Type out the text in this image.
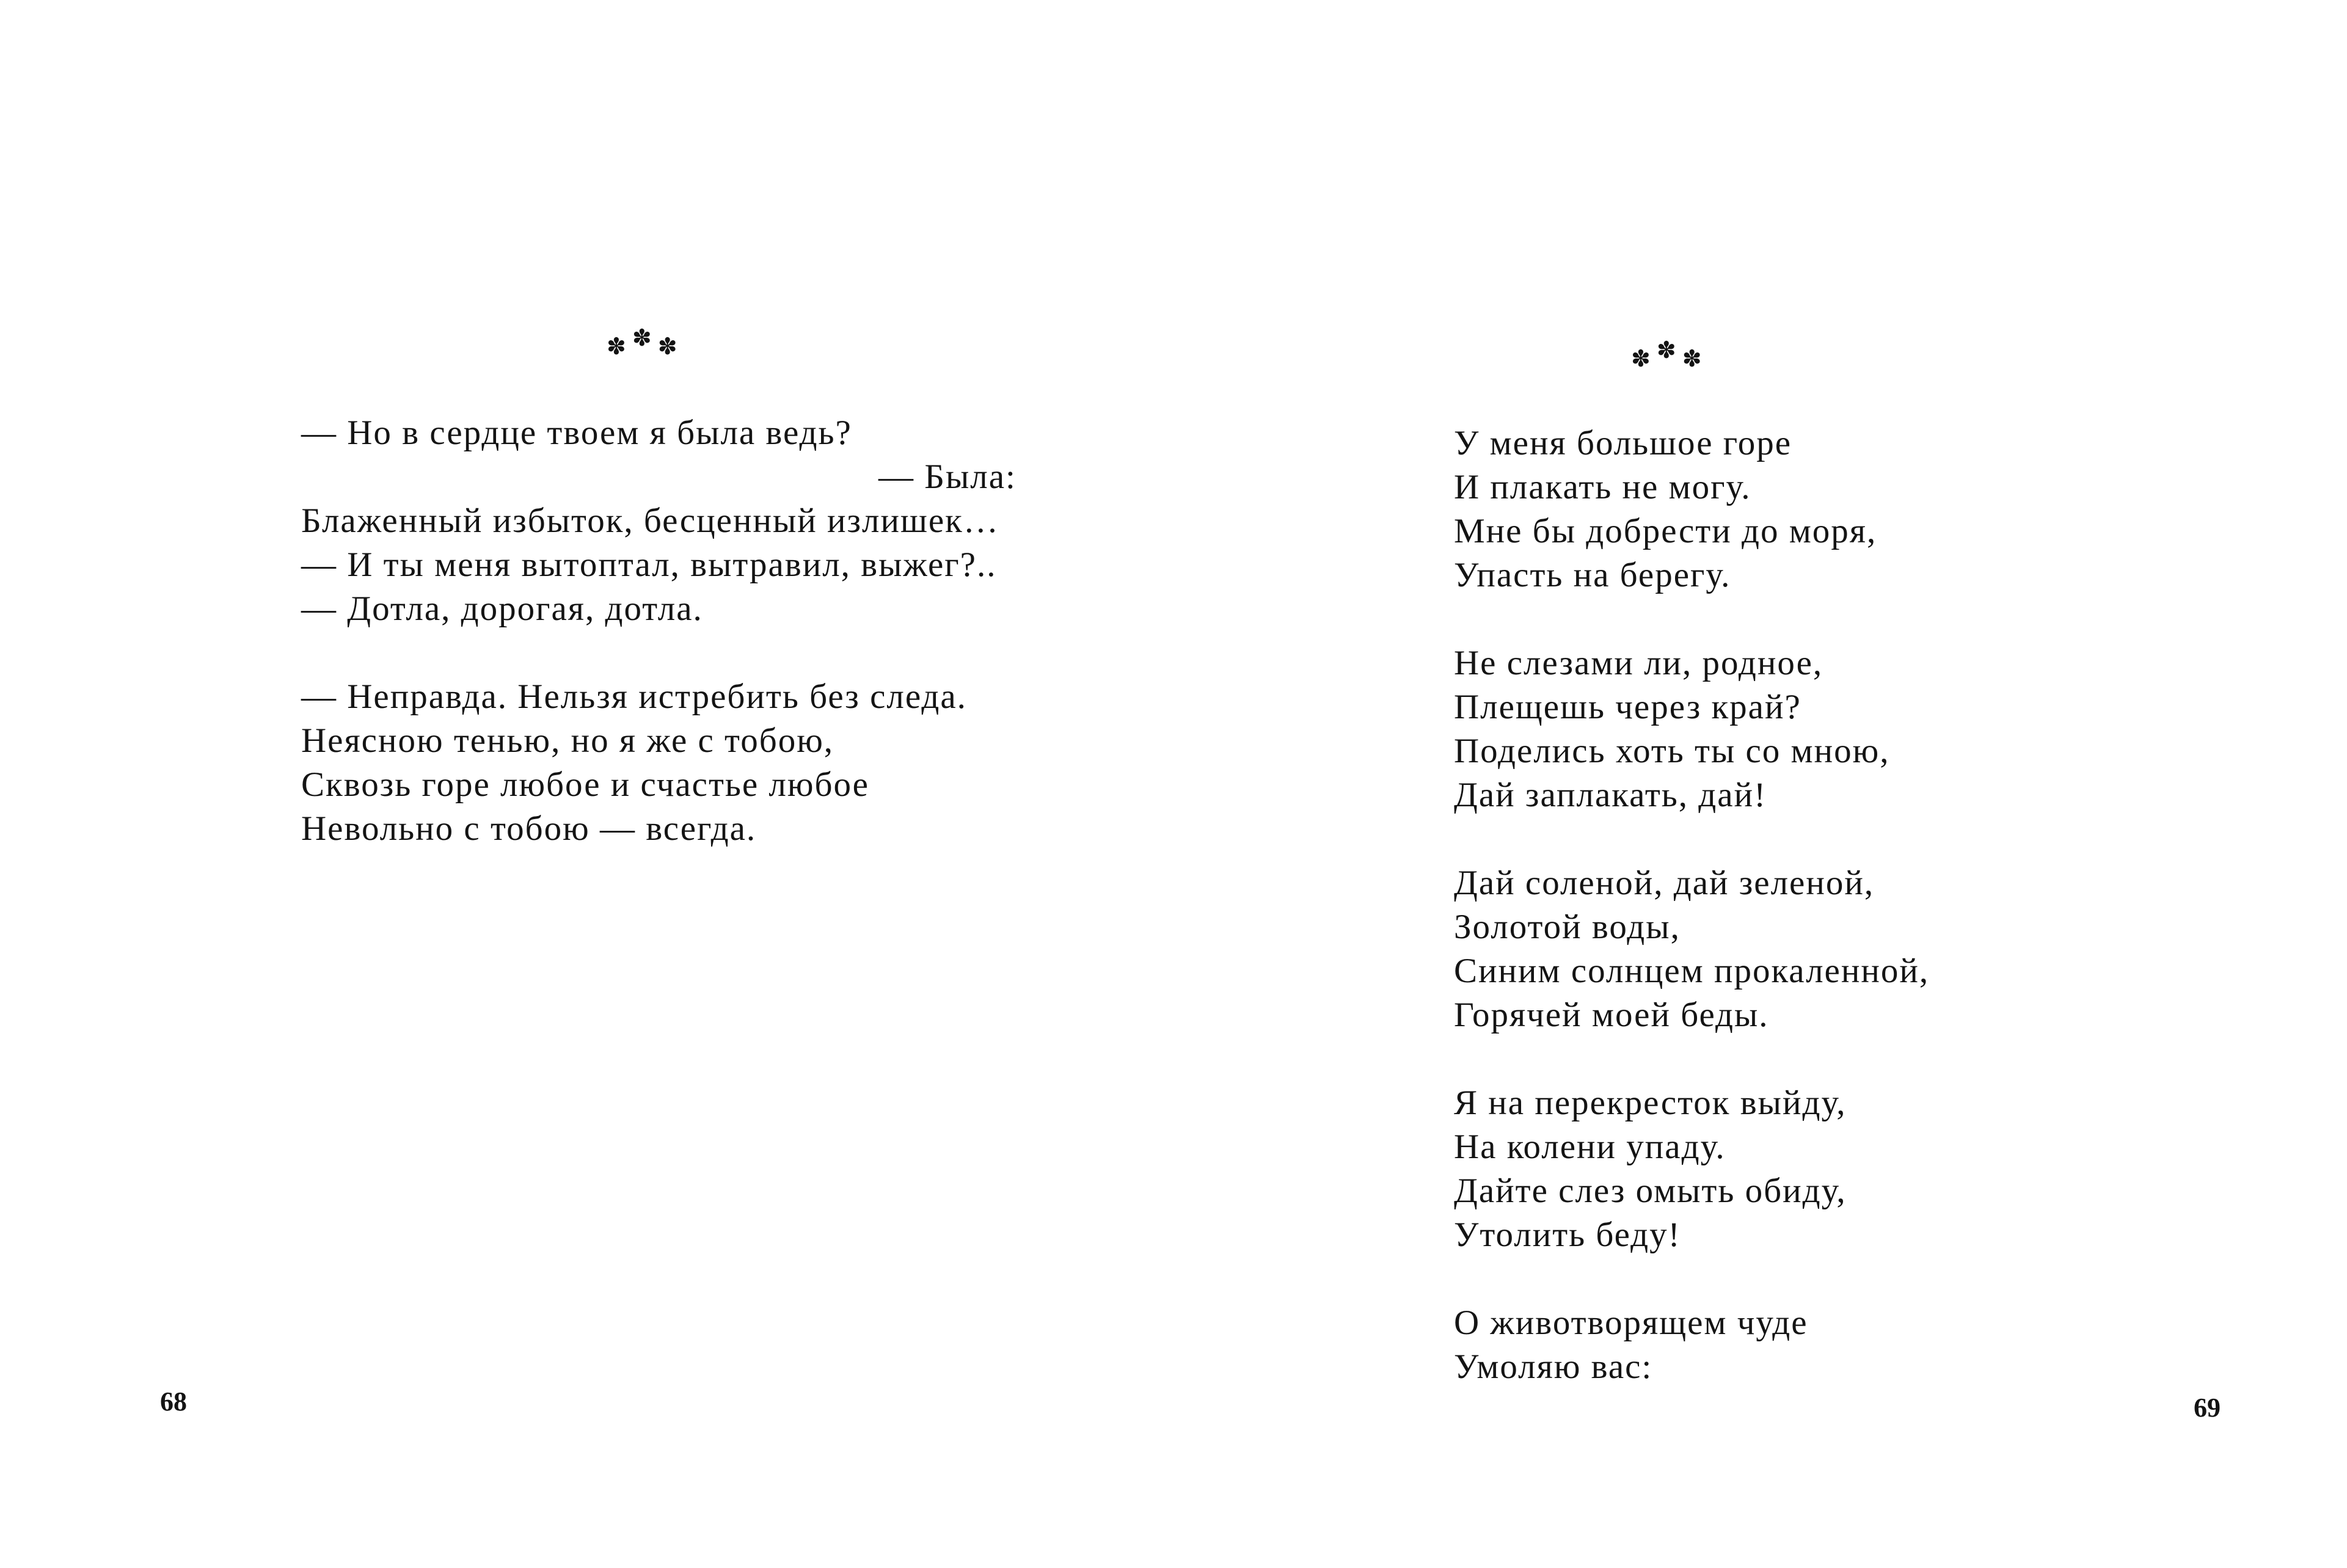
✽ ✽ ✽
— Но в сердце твоем я была ведь?
— Была:
Блаженный избыток, бесценный излишек…
— И ты меня вытоптал, вытравил, выжег?..
— Дотла, дорогая, дотла.
— Неправда. Нельзя истребить без следа.
Неясною тенью, но я же с тобою,
Сквозь горе любое и счастье любое
Невольно с тобою — всегда.
68
✽ ✽ ✽
У меня большое горе
И плакать не могу.
Мне бы добрести до моря,
Упасть на берегу.
Не слезами ли, родное,
Плещешь через край?
Поделись хоть ты со мною,
Дай заплакать, дай!
Дай соленой, дай зеленой,
Золотой воды,
Синим солнцем прокаленной,
Горячей моей беды.
Я на перекресток выйду,
На колени упаду.
Дайте слез омыть обиду,
Утолить беду!
О животворящем чуде
Умоляю вас:
69
